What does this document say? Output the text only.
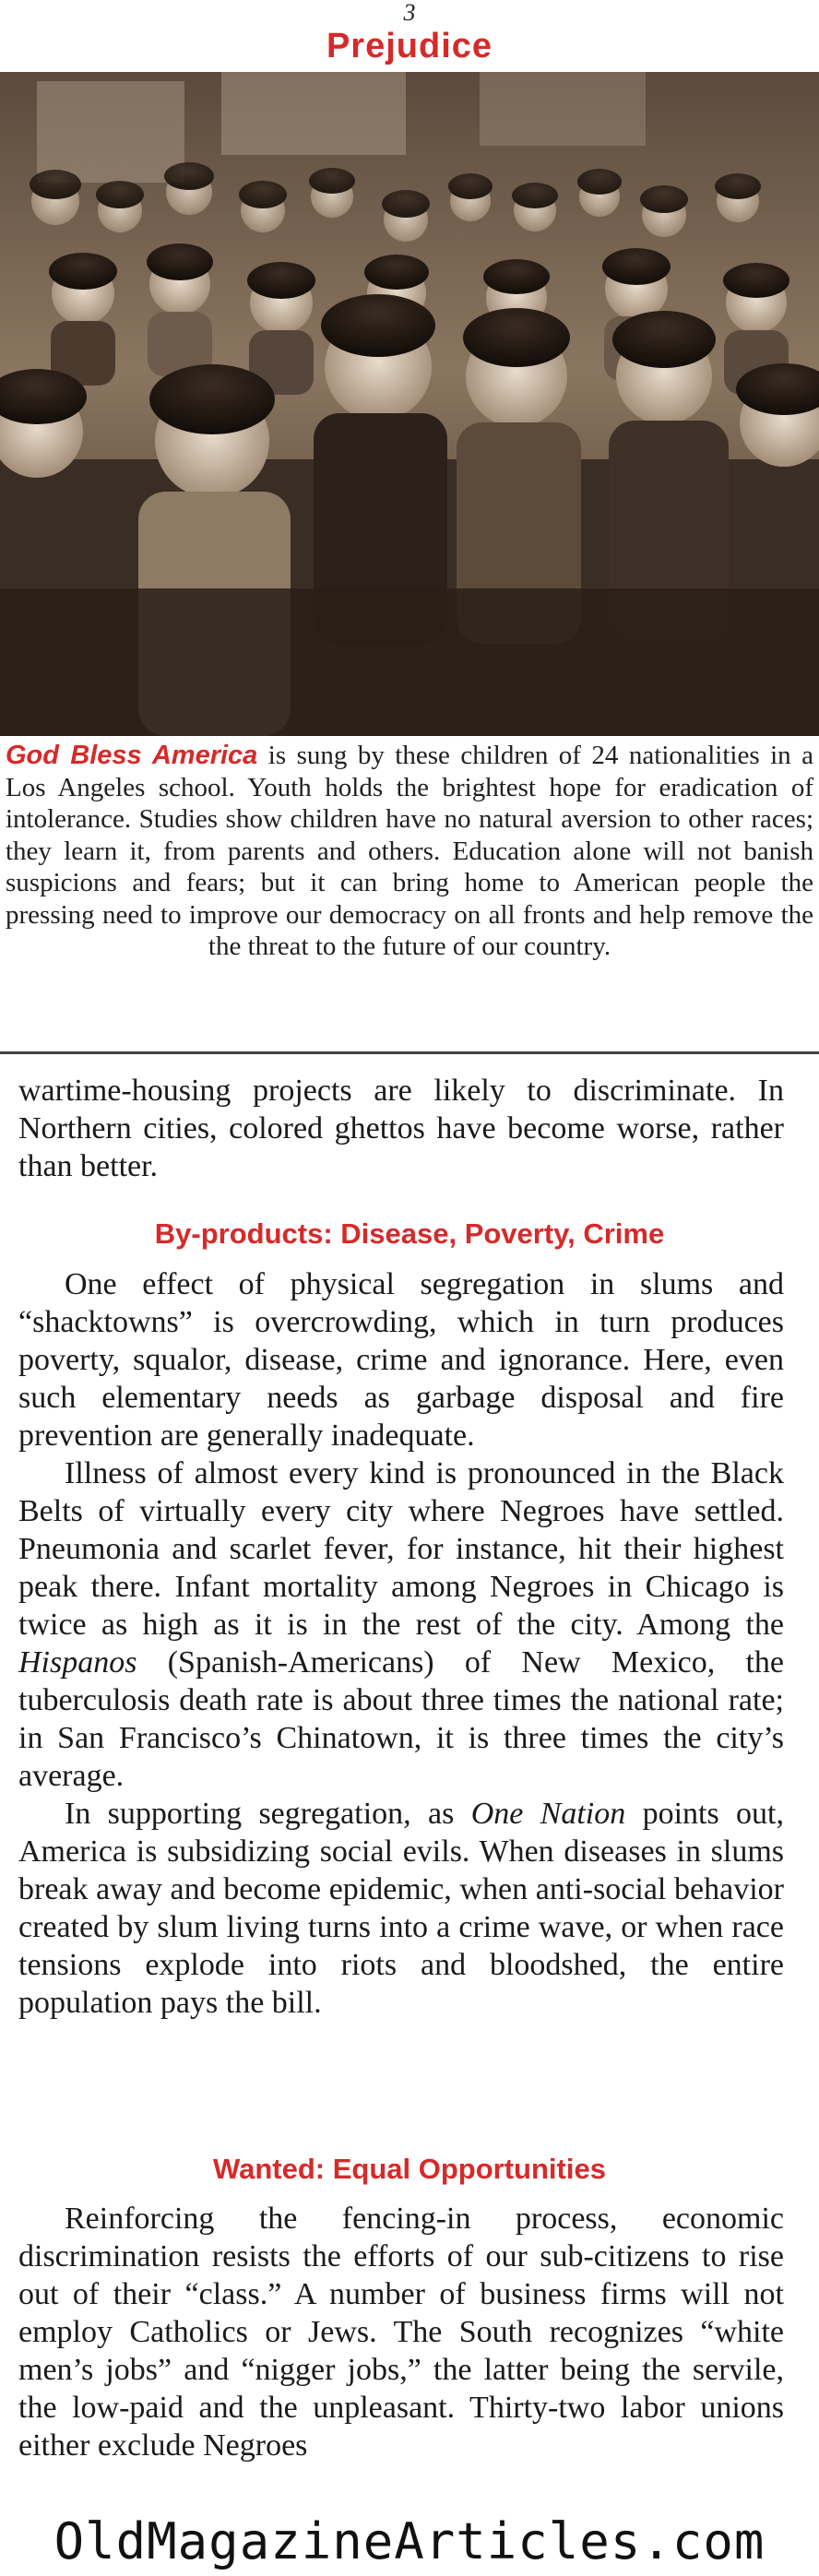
3
Prejudice
God Bless America is sung by these children of 24 nationalities in a Los Angeles school. Youth holds the brightest hope for eradication of intolerance. Studies show children have no natural aversion to other races; they learn it, from parents and others. Education alone will not banish suspicions and fears; but it can bring home to American people the pressing need to improve our democracy on all fronts and help remove the the threat to the future of our country.

wartime-housing projects are likely to discriminate. In Northern cities, colored ghettos have become worse, rather than better.

By-products: Disease, Poverty, Crime

One effect of physical segregation in slums and “shacktowns” is overcrowding, which in turn produces poverty, squalor, disease, crime and ignorance. Here, even such elementary needs as garbage disposal and fire prevention are generally inadequate.

Illness of almost every kind is pronounced in the Black Belts of virtually every city where Negroes have settled. Pneumonia and scarlet fever, for instance, hit their highest peak there. Infant mortality among Negroes in Chicago is twice as high as it is in the rest of the city. Among the Hispanos (Spanish-Americans) of New Mexico, the tuberculosis death rate is about three times the national rate; in San Francisco’s Chinatown, it is three times the city’s average.

In supporting segregation, as One Nation points out, America is subsidizing social evils. When diseases in slums break away and become epidemic, when anti-social behavior created by slum living turns into a crime wave, or when race tensions explode into riots and bloodshed, the entire population pays the bill.

Wanted: Equal Opportunities

Reinforcing the fencing-in process, economic discrimination resists the efforts of our sub-citizens to rise out of their “class.” A number of business firms will not employ Catholics or Jews. The South recognizes “white men’s jobs” and “nigger jobs,” the latter being the servile, the low-paid and the unpleasant. Thirty-two labor unions either exclude Negroes

OldMagazineArticles.com
